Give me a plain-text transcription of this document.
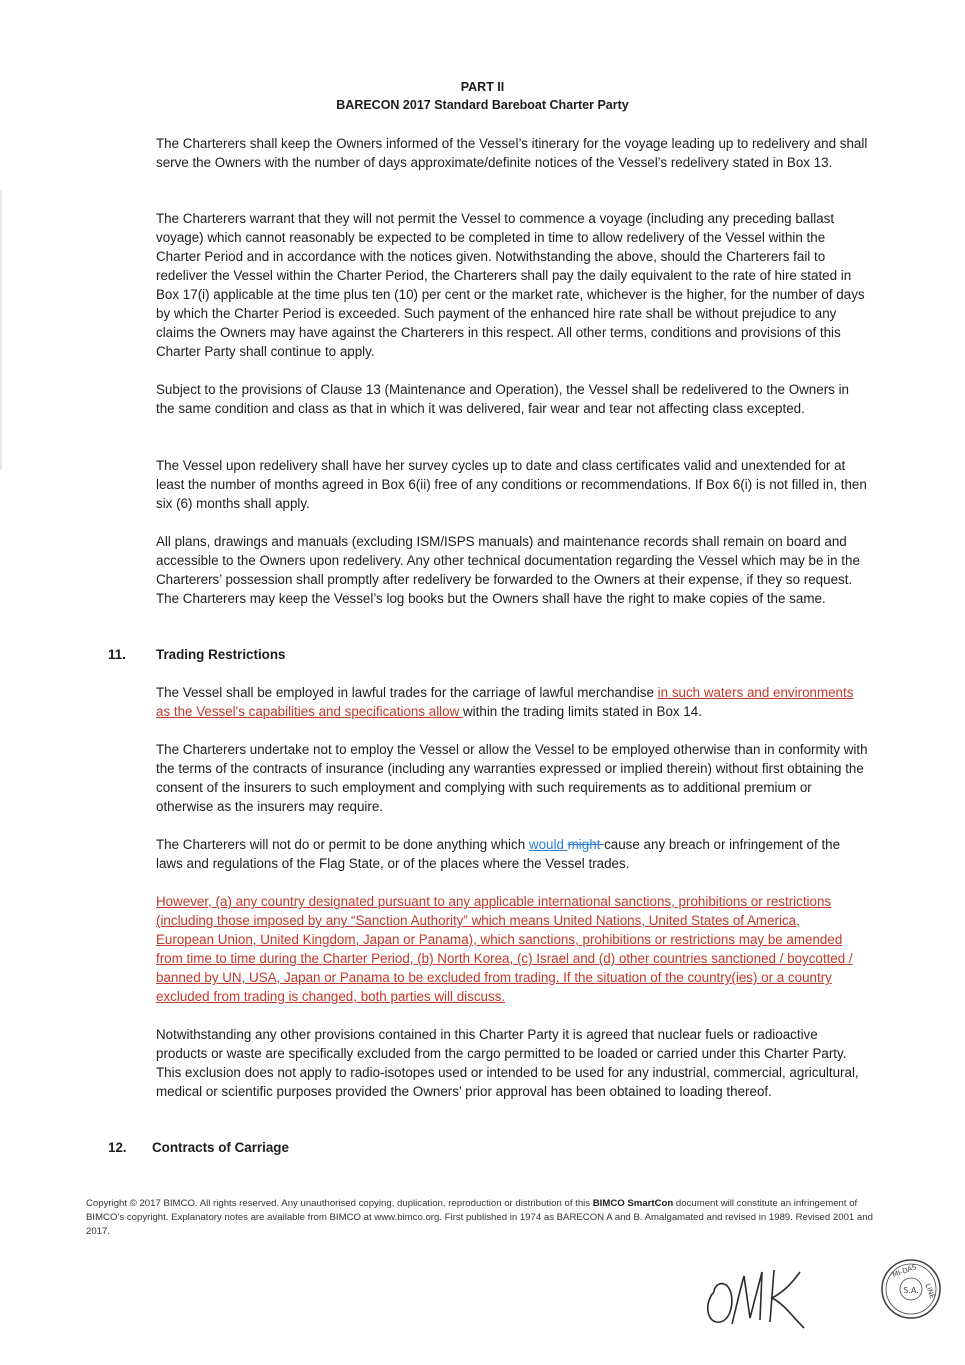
PART II
BARECON 2017 Standard Bareboat Charter Party

The Charterers shall keep the Owners informed of the Vessel’s itinerary for the voyage leading up to redelivery and shall serve the Owners with the number of days approximate/definite notices of the Vessel’s redelivery stated in Box 13.

The Charterers warrant that they will not permit the Vessel to commence a voyage (including any preceding ballast voyage) which cannot reasonably be expected to be completed in time to allow redelivery of the Vessel within the Charter Period and in accordance with the notices given. Notwithstanding the above, should the Charterers fail to redeliver the Vessel within the Charter Period, the Charterers shall pay the daily equivalent to the rate of hire stated in Box 17(i) applicable at the time plus ten (10) per cent or the market rate, whichever is the higher, for the number of days by which the Charter Period is exceeded. Such payment of the enhanced hire rate shall be without prejudice to any claims the Owners may have against the Charterers in this respect. All other terms, conditions and provisions of this Charter Party shall continue to apply.

Subject to the provisions of Clause 13 (Maintenance and Operation), the Vessel shall be redelivered to the Owners in the same condition and class as that in which it was delivered, fair wear and tear not affecting class excepted.

The Vessel upon redelivery shall have her survey cycles up to date and class certificates valid and unextended for at least the number of months agreed in Box 6(ii) free of any conditions or recommendations. If Box 6(i) is not filled in, then six (6) months shall apply.

All plans, drawings and manuals (excluding ISM/ISPS manuals) and maintenance records shall remain on board and accessible to the Owners upon redelivery. Any other technical documentation regarding the Vessel which may be in the Charterers’ possession shall promptly after redelivery be forwarded to the Owners at their expense, if they so request. The Charterers may keep the Vessel’s log books but the Owners shall have the right to make copies of the same.

11. Trading Restrictions

The Vessel shall be employed in lawful trades for the carriage of lawful merchandise in such waters and environments as the Vessel's capabilities and specifications allow within the trading limits stated in Box 14.

The Charterers undertake not to employ the Vessel or allow the Vessel to be employed otherwise than in conformity with the terms of the contracts of insurance (including any warranties expressed or implied therein) without first obtaining the consent of the insurers to such employment and complying with such requirements as to additional premium or otherwise as the insurers may require.

The Charterers will not do or permit to be done anything which would might cause any breach or infringement of the laws and regulations of the Flag State, or of the places where the Vessel trades.

However, (a) any country designated pursuant to any applicable international sanctions, prohibitions or restrictions (including those imposed by any “Sanction Authority” which means United Nations, United States of America, European Union, United Kingdom, Japan or Panama), which sanctions, prohibitions or restrictions may be amended from time to time during the Charter Period, (b) North Korea, (c) Israel and (d) other countries sanctioned / boycotted / banned by UN, USA, Japan or Panama to be excluded from trading. If the situation of the country(ies) or a country excluded from trading is changed, both parties will discuss.

Notwithstanding any other provisions contained in this Charter Party it is agreed that nuclear fuels or radioactive products or waste are specifically excluded from the cargo permitted to be loaded or carried under this Charter Party. This exclusion does not apply to radio-isotopes used or intended to be used for any industrial, commercial, agricultural, medical or scientific purposes provided the Owners’ prior approval has been obtained to loading thereof.

12. Contracts of Carriage
Copyright © 2017 BIMCO. All rights reserved. Any unauthorised copying, duplication, reproduction or distribution of this BIMCO SmartCon document will constitute an infringement of BIMCO’s copyright. Explanatory notes are available from BIMCO at www.bimco.org. First published in 1974 as BARECON A and B. Amalgamated and revised in 1989. Revised 2001 and 2017.
MI-DAS
LINE
S.A.
